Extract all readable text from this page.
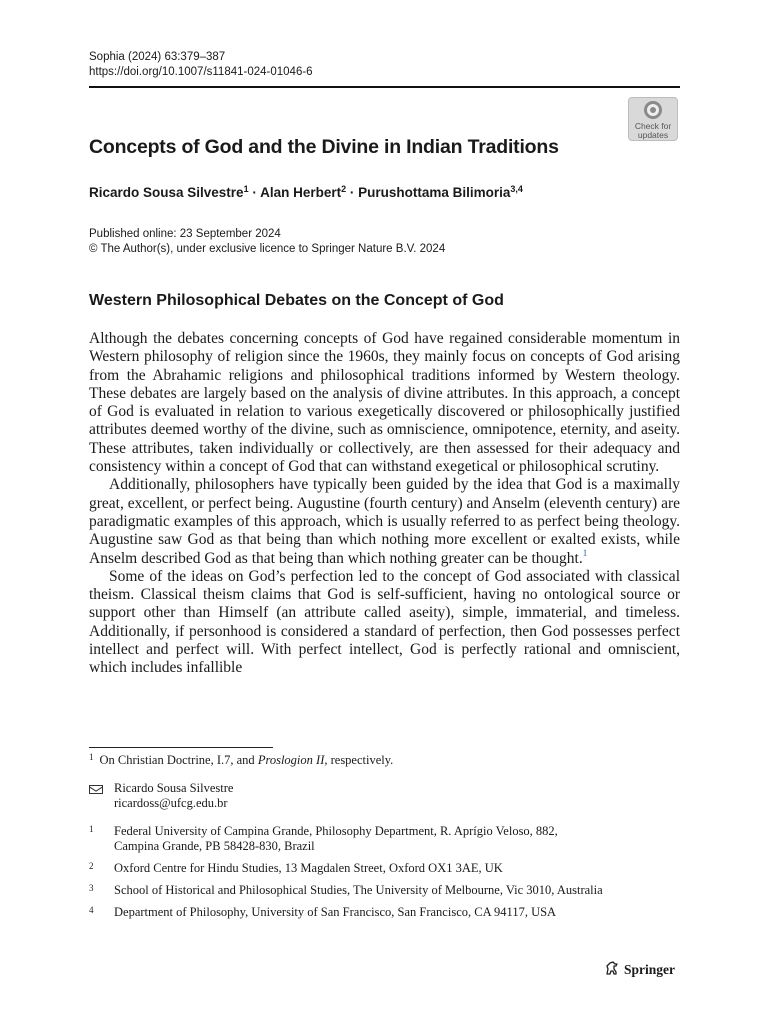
Sophia (2024) 63:379–387
https://doi.org/10.1007/s11841-024-01046-6
Check for
updates
Concepts of God and the Divine in Indian Traditions
Ricardo Sousa Silvestre$^1$ · Alan Herbert$^2$ · Purushottama Bilimoria$^{3,4}$
Published online: 23 September 2024
© The Author(s), under exclusive licence to Springer Nature B.V. 2024
Western Philosophical Debates on the Concept of God

Although the debates concerning concepts of God have regained considerable momentum in Western philosophy of religion since the 1960s, they mainly focus on concepts of God arising from the Abrahamic religions and philosophical traditions informed by Western theology. These debates are largely based on the analysis of divine attributes. In this approach, a concept of God is evaluated in relation to various exegetically discovered or philosophically justified attributes deemed worthy of the divine, such as omniscience, omnipotence, eternity, and aseity. These attributes, taken individually or collectively, are then assessed for their adequacy and consistency within a concept of God that can withstand exegetical or philosophical scrutiny.

Additionally, philosophers have typically been guided by the idea that God is a maximally great, excellent, or perfect being. Augustine (fourth century) and Anselm (eleventh century) are paradigmatic examples of this approach, which is usually referred to as perfect being theology. Augustine saw God as that being than which nothing more excellent or exalted exists, while Anselm described God as that being than which nothing greater can be thought.$^1$

Some of the ideas on God’s perfection led to the concept of God associated with classical theism. Classical theism claims that God is self-sufficient, having no ontological source or support other than Himself (an attribute called aseity), simple, immaterial, and timeless. Additionally, if personhood is considered a standard of perfection, then God possesses perfect intellect and perfect will. With perfect intellect, God is perfectly rational and omniscient, which includes infallible

$^1$ On Christian Doctrine, I.7, and Proslogion II, respectively.
Ricardo Sousa Silvestre
ricardoss@ufcg.edu.br
1 Federal University of Campina Grande, Philosophy Department, R. Aprígio Veloso, 882,
Campina Grande, PB 58428-830, Brazil
2 Oxford Centre for Hindu Studies, 13 Magdalen Street, Oxford OX1 3AE, UK
3 School of Historical and Philosophical Studies, The University of Melbourne, Vic 3010, Australia
4 Department of Philosophy, University of San Francisco, San Francisco, CA 94117, USA
Springer
